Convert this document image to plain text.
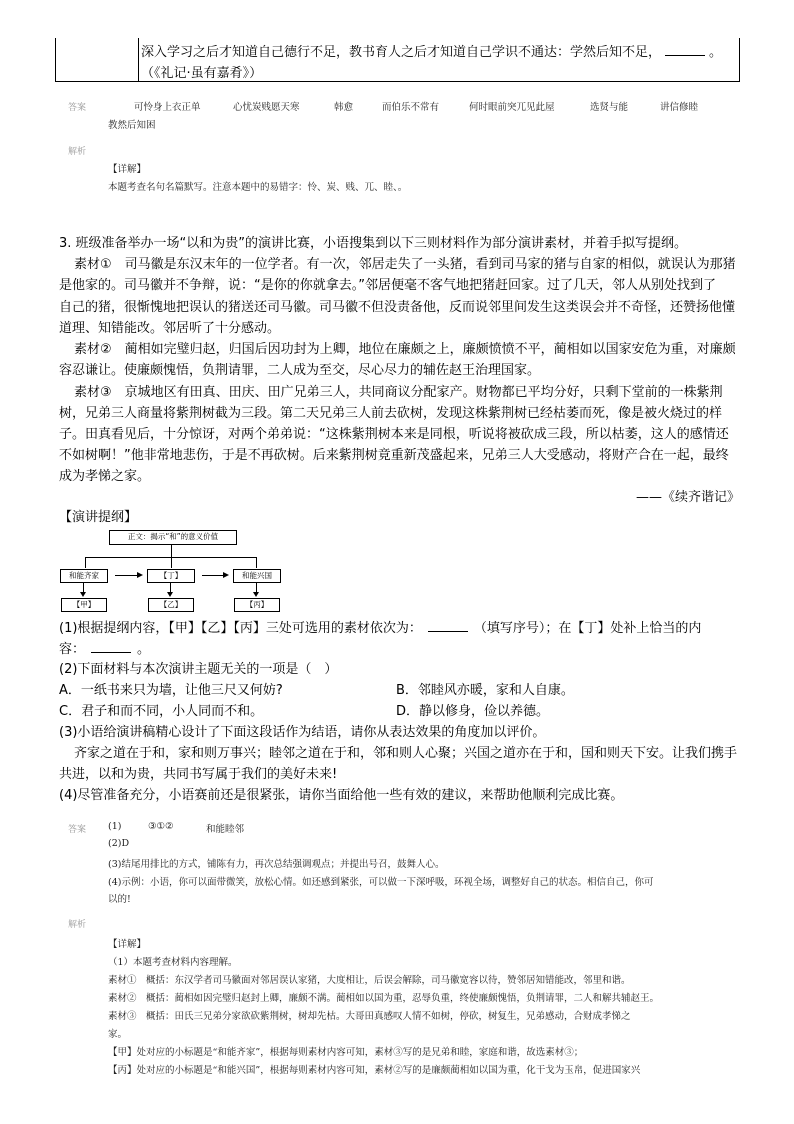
深入学习之后才知道自己德行不足，教书育人之后才知道自己学识不通达：学然后知不足，	。
（《礼记·虽有嘉肴》）
答案	可怜身上衣正单	心忧炭贱愿天寒	韩愈	而伯乐不常有	何时眼前突兀见此屋	选贤与能	讲信修睦
教然后知困
解析
【详解】
本题考查名句名篇默写。注意本题中的易错字：怜、炭、贱、兀、睦、。
3. 班级准备举办一场“以和为贵”的演讲比赛，小语搜集到以下三则材料作为部分演讲素材，并着手拟写提纲。
素材①　司马徽是东汉末年的一位学者。有一次，邻居走失了一头猪，看到司马家的猪与自家的相似，就误认为那猪
是他家的。司马徽并不争辩，说：“是你的你就拿去。”邻居便毫不客气地把猪赶回家。过了几天，邻人从别处找到了
自己的猪，很惭愧地把误认的猪送还司马徽。司马徽不但没责备他，反而说邻里间发生这类误会并不奇怪，还赞扬他懂
道理、知错能改。邻居听了十分感动。
素材②　蔺相如完璧归赵，归国后因功封为上卿，地位在廉颇之上，廉颇愤愤不平，蔺相如以国家安危为重，对廉颇
容忍谦让。使廉颇愧悟，负荆请罪，二人成为至交，尽心尽力的辅佐赵王治理国家。
素材③　京城地区有田真、田庆、田广兄弟三人，共同商议分配家产。财物都已平均分好，只剩下堂前的一株紫荆
树，兄弟三人商量将紫荆树截为三段。第二天兄弟三人前去砍树，发现这株紫荆树已经枯萎而死，像是被火烧过的样
子。田真看见后，十分惊讶，对两个弟弟说：“这株紫荆树本来是同根，听说将被砍成三段，所以枯萎，这人的感情还
不如树啊！”他非常地悲伤，于是不再砍树。后来紫荆树竟重新茂盛起来，兄弟三人大受感动，将财产合在一起，最终
成为孝悌之家。
——《续齐谐记》
【演讲提纲】
正文：揭示“和”的意义价值
和能齐家	【丁】	和能兴国
【甲】	【乙】	【丙】
(1)根据提纲内容，【甲】【乙】【丙】三处可选用的素材依次为：	（填写序号）；在【丁】处补上恰当的内
容：	。
(2)下面材料与本次演讲主题无关的一项是（　）
A．一纸书来只为墙，让他三尺又何妨?	B．邻睦风亦暖，家和人自康。
C．君子和而不同，小人同而不和。	D．静以修身，俭以养德。
(3)小语给演讲稿精心设计了下面这段话作为结语，请你从表达效果的角度加以评价。
齐家之道在于和，家和则万事兴；睦邻之道在于和，邻和则人心聚；兴国之道亦在于和，国和则天下安。让我们携手
共进，以和为贵，共同书写属于我们的美好未来!
(4)尽管准备充分，小语赛前还是很紧张，请你当面给他一些有效的建议，来帮助他顺利完成比赛。
答案 (1)	③①②	和能睦邻
(2)D
(3)结尾用排比的方式，铺陈有力，再次总结强调观点；并提出号召，鼓舞人心。
(4)示例：小语，你可以面带微笑，放松心情。如还感到紧张，可以做一下深呼吸，环视全场，调整好自己的状态。相信自己，你可
以的!
解析
【详解】
（1）本题考查材料内容理解。
素材①　概括：东汉学者司马徽面对邻居误认家猪，大度相让，后误会解除，司马徽宽容以待，赞邻居知错能改，邻里和谐。
素材②　概括：蔺相如因完璧归赵封上卿，廉颇不满。蔺相如以国为重，忍辱负重，终使廉颇愧悟，负荆请罪，二人和解共辅赵王。
素材③　概括：田氏三兄弟分家欲砍紫荆树，树却先枯。大哥田真感叹人情不如树，停砍，树复生，兄弟感动，合财成孝悌之
家。
【甲】处对应的小标题是“和能齐家”，根据每则素材内容可知，素材③写的是兄弟和睦，家庭和谐，故选素材③；
【丙】处对应的小标题是“和能兴国”，根据每则素材内容可知，素材②写的是廉颇蔺相如以国为重，化干戈为玉帛，促进国家兴
